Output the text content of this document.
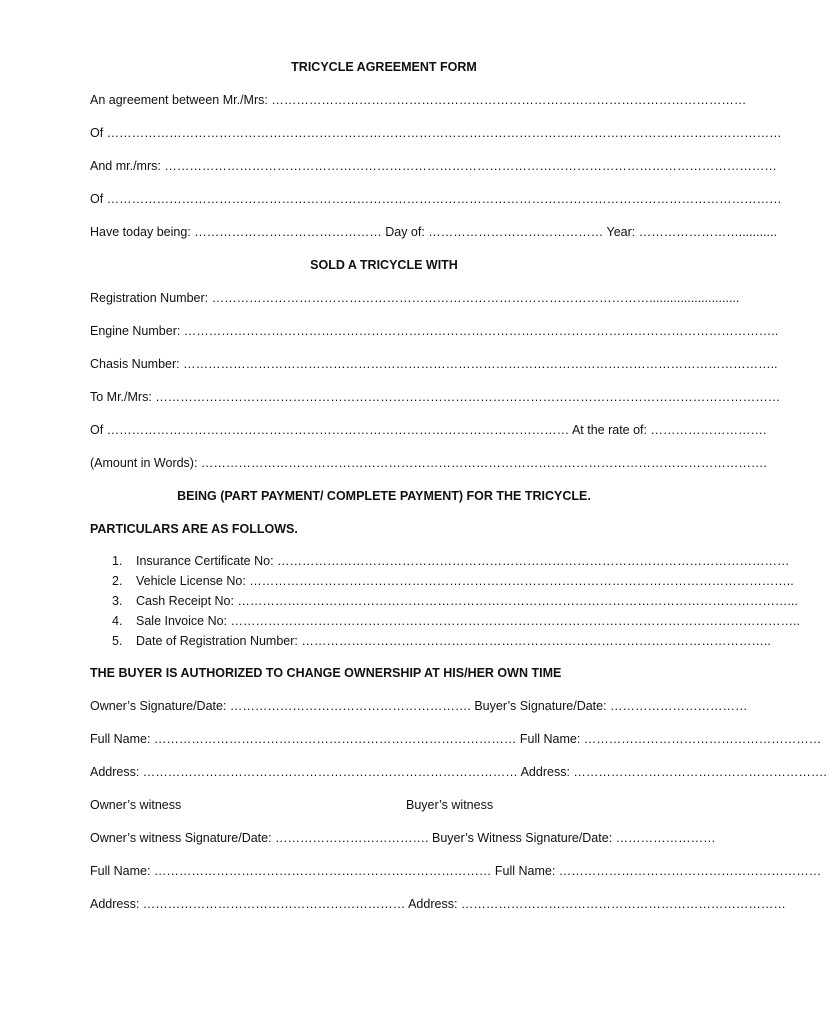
TRICYCLE AGREEMENT FORM
An agreement between Mr./Mrs: ……………………………………………………………………………………………………
Of ………………………………………………………………………………………………………………………………………………
And mr./mrs: …………………………………………………………………………………………………………………………………
Of ………………………………………………………………………………………………………………………………………………
Have today being: ……………………………………… Day of: …………………………………… Year: ……………………...........
SOLD A TRICYCLE WITH
Registration Number: ……………………………………………………………………………………………..........................
Engine Number: ……………………………………………………………………………………………………………………………..
Chasis Number: ……………………………………………………………………………………………………………………………..
To Mr./Mrs: ……………………………………………………………………………………………………………………………………
Of ………………………………………………………………………………………………… At the rate of: ……………………….
(Amount in Words): ……………………………………………………………………………………………………………………….
BEING (PART PAYMENT/ COMPLETE PAYMENT) FOR THE TRICYCLE.
PARTICULARS ARE AS FOLLOWS.
1. Insurance Certificate No: ……………………………………………………………………………………………………………
2. Vehicle License No: …………………………………………………………………………………………………………………..
3. Cash Receipt No: ……………………………………………………………………………………………………………………...
4. Sale Invoice No: ………………………………………………………………………………………………………………………..
5. Date of Registration Number: …………………………………………………………………………………………………..
THE BUYER IS AUTHORIZED TO CHANGE OWNERSHIP AT HIS/HER OWN TIME
Owner’s Signature/Date: …………………………………………………. Buyer’s Signature/Date: ……………………………
Full Name: …………………………………………………………………………… Full Name: …………………………………………………
Address: ……………………………………………………………………………… Address: …………………………………………………….
Owner’s witness	Buyer’s witness
Owner’s witness Signature/Date: ………………………………. Buyer’s Witness Signature/Date: ……………………
Full Name: ……………………………………………………………………… Full Name: ………………………………………………………
Address: ……………………………………………………… Address: ……………………………………………………………………
